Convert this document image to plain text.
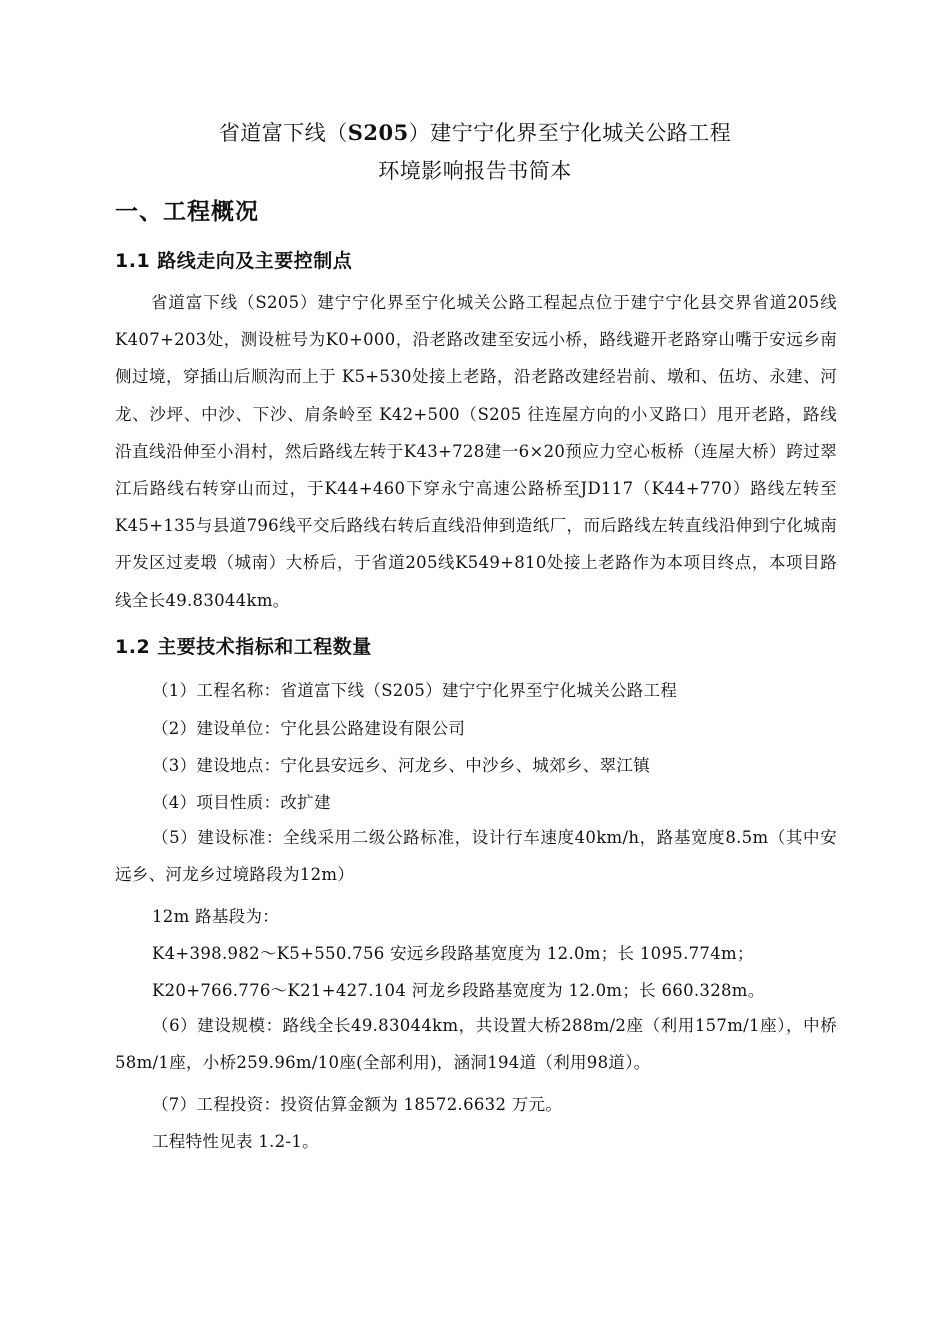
省道富下线（S205）建宁宁化界至宁化城关公路工程
环境影响报告书简本
一、工程概况
1.1 路线走向及主要控制点
省道富下线（S205）建宁宁化界至宁化城关公路工程起点位于建宁宁化县交界省道205线K407+203处，测设桩号为K0+000，沿老路改建至安远小桥，路线避开老路穿山嘴于安远乡南侧过境，穿插山后顺沟而上于 K5+530处接上老路，沿老路改建经岩前、墩和、伍坊、永建、河龙、沙坪、中沙、下沙、肩条岭至 K42+500（S205 往连屋方向的小叉路口）甩开老路，路线沿直线沿伸至小涓村，然后路线左转于K43+728建一6×20预应力空心板桥（连屋大桥）跨过翠江后路线右转穿山而过，于K44+460下穿永宁高速公路桥至JD117（K44+770）路线左转至K45+135与县道796线平交后路线右转后直线沿伸到造纸厂，而后路线左转直线沿伸到宁化城南开发区过麦塅（城南）大桥后，于省道205线K549+810处接上老路作为本项目终点，本项目路线全长49.83044km。
1.2 主要技术指标和工程数量
（1）工程名称：省道富下线（S205）建宁宁化界至宁化城关公路工程
（2）建设单位：宁化县公路建设有限公司
（3）建设地点：宁化县安远乡、河龙乡、中沙乡、城郊乡、翠江镇
（4）项目性质：改扩建
（5）建设标准：全线采用二级公路标准，设计行车速度40km/h，路基宽度8.5m（其中安远乡、河龙乡过境路段为12m）
12m 路基段为：
K4+398.982～K5+550.756 安远乡段路基宽度为 12.0m；长 1095.774m；
K20+766.776～K21+427.104 河龙乡段路基宽度为 12.0m；长 660.328m。
（6）建设规模：路线全长49.83044km，共设置大桥288m/2座（利用157m/1座），中桥58m/1座，小桥259.96m/10座(全部利用)，涵洞194道（利用98道）。
（7）工程投资：投资估算金额为 18572.6632 万元。
工程特性见表 1.2-1。
